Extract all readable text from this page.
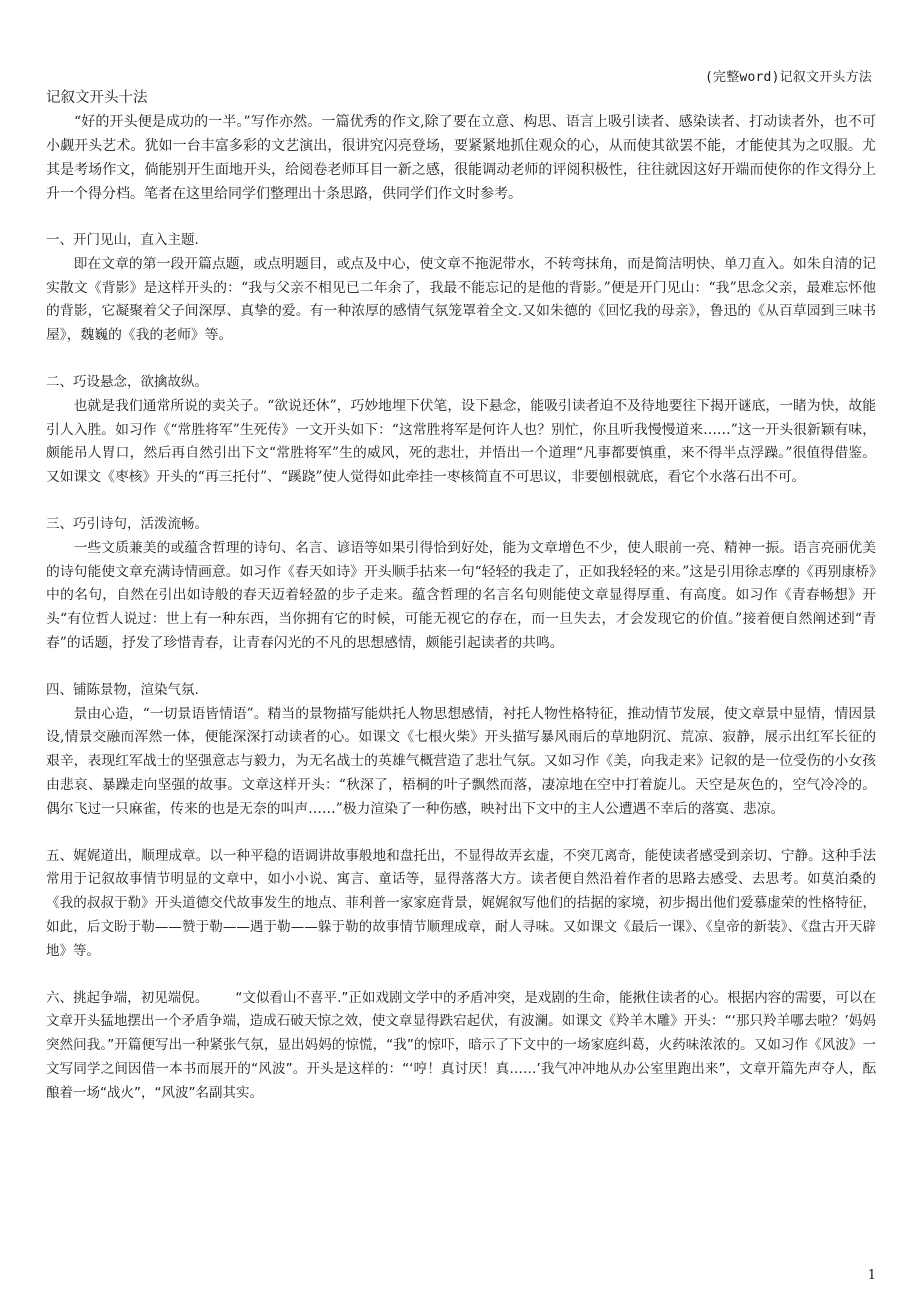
(完整word)记叙文开头方法
记叙文开头十法

“好的开头便是成功的一半。”写作亦然。一篇优秀的作文,除了要在立意、构思、语言上吸引读者、感染读者、打动读者外，也不可小觑开头艺术。犹如一台丰富多彩的文艺演出，很讲究闪亮登场，要紧紧地抓住观众的心，从而使其欲罢不能，才能使其为之叹服。尤其是考场作文，倘能别开生面地开头，给阅卷老师耳目一新之感，很能调动老师的评阅积极性，往往就因这好开端而使你的作文得分上升一个得分档。笔者在这里给同学们整理出十条思路，供同学们作文时参考。

一、开门见山，直入主题.

即在文章的第一段开篇点题，或点明题目，或点及中心，使文章不拖泥带水，不转弯抹角，而是简洁明快、单刀直入。如朱自清的记实散文《背影》是这样开头的：“我与父亲不相见已二年余了，我最不能忘记的是他的背影。”便是开门见山：“我”思念父亲，最难忘怀他的背影，它凝聚着父子间深厚、真挚的爱。有一种浓厚的感情气氛笼罩着全文.又如朱德的《回忆我的母亲》，鲁迅的《从百草园到三味书屋》，魏巍的《我的老师》等。

二、巧设悬念，欲擒故纵。

也就是我们通常所说的卖关子。“欲说还休”，巧妙地埋下伏笔，设下悬念，能吸引读者迫不及待地要往下揭开谜底，一睹为快，故能引人入胜。如习作《“常胜将军”生死传》一文开头如下：“这常胜将军是何许人也？别忙，你且听我慢慢道来……”这一开头很新颖有味，颇能吊人胃口，然后再自然引出下文“常胜将军”生的威风，死的悲壮，并悟出一个道理“凡事都要慎重，来不得半点浮躁。”很值得借鉴。又如课文《枣核》开头的“再三托付”、“蹊跷”使人觉得如此牵挂一枣核简直不可思议，非要刨根就底，看它个水落石出不可。

三、巧引诗句，活泼流畅。

一些文质兼美的或蕴含哲理的诗句、名言、谚语等如果引得恰到好处，能为文章增色不少，使人眼前一亮、精神一振。语言亮丽优美的诗句能使文章充满诗情画意。如习作《春天如诗》开头顺手拈来一句“轻轻的我走了，正如我轻轻的来。”这是引用徐志摩的《再别康桥》中的名句，自然在引出如诗般的春天迈着轻盈的步子走来。蕴含哲理的名言名句则能使文章显得厚重、有高度。如习作《青春畅想》开头“有位哲人说过：世上有一种东西，当你拥有它的时候，可能无视它的存在，而一旦失去，才会发现它的价值。”接着便自然阐述到“青春”的话题，抒发了珍惜青春，让青春闪光的不凡的思想感情，颇能引起读者的共鸣。

四、铺陈景物，渲染气氛.

景由心造，“一切景语皆情语”。精当的景物描写能烘托人物思想感情，衬托人物性格特征，推动情节发展，使文章景中显情，情因景设,情景交融而浑然一体，便能深深打动读者的心。如课文《七根火柴》开头描写暴风雨后的草地阴沉、荒凉、寂静，展示出红军长征的艰辛，表现红军战士的坚强意志与毅力，为无名战士的英雄气概营造了悲壮气氛。又如习作《美，向我走来》记叙的是一位受伤的小女孩由悲哀、暴躁走向坚强的故事。文章这样开头：“秋深了，梧桐的叶子飘然而落，凄凉地在空中打着旋儿。天空是灰色的，空气冷冷的。偶尔飞过一只麻雀，传来的也是无奈的叫声……”极力渲染了一种伤感，映衬出下文中的主人公遭遇不幸后的落寞、悲凉。

五、娓娓道出，顺理成章。以一种平稳的语调讲故事般地和盘托出，不显得故弄玄虚，不突兀离奇，能使读者感受到亲切、宁静。这种手法常用于记叙故事情节明显的文章中，如小小说、寓言、童话等，显得落落大方。读者便自然沿着作者的思路去感受、去思考。如莫泊桑的《我的叔叔于勒》开头道德交代故事发生的地点、菲利普一家家庭背景，娓娓叙写他们的拮据的家境，初步揭出他们爱慕虚荣的性格特征，如此，后文盼于勒——赞于勒——遇于勒——躲于勒的故事情节顺理成章，耐人寻味。又如课文《最后一课》、《皇帝的新装》、《盘古开天辟地》等。

六、挑起争端，初见端倪。   “文似看山不喜平.”正如戏剧文学中的矛盾冲突，是戏剧的生命，能揪住读者的心。根据内容的需要，可以在文章开头猛地摆出一个矛盾争端，造成石破天惊之效，使文章显得跌宕起伏，有波澜。如课文《羚羊木雕》开头：“‘那只羚羊哪去啦？’妈妈突然问我。”开篇便写出一种紧张气氛，显出妈妈的惊慌，“我”的惊吓，暗示了下文中的一场家庭纠葛，火药味浓浓的。又如习作《风波》一文写同学之间因借一本书而展开的“风波”。开头是这样的：“‘哼！真讨厌！真……’我气冲冲地从办公室里跑出来”，文章开篇先声夺人，酝酿着一场“战火”，“风波”名副其实。

1
